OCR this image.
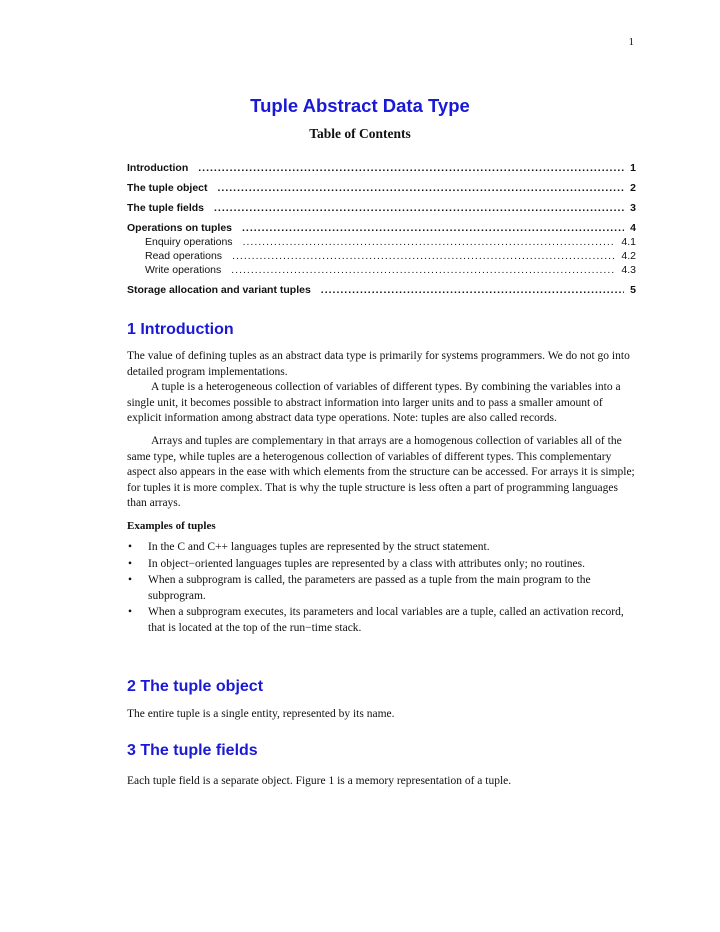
1
Tuple Abstract Data Type
Table of Contents
Introduction .....	1
The tuple object .....	2
The tuple fields .....	3
Operations on tuples .....	4
Enquiry operations .....	4.1
Read operations .....	4.2
Write operations .....	4.3
Storage allocation and variant tuples .....	5
1 Introduction

The value of defining tuples as an abstract data type is primarily for systems programmers. We do not go into detailed program implementations.

A tuple is a heterogeneous collection of variables of different types. By combining the variables into a single unit, it becomes possible to abstract information into larger units and to pass a smaller amount of explicit information among abstract data type operations. Note: tuples are also called records.

Arrays and tuples are complementary in that arrays are a homogenous collection of variables all of the same type, while tuples are a heterogenous collection of variables of different types. This complementary aspect also appears in the ease with which elements from the structure can be accessed. For arrays it is simple; for tuples it is more complex. That is why the tuple structure is less often a part of programming languages than arrays.

Examples of tuples
• In the C and C++ languages tuples are represented by the struct statement.
• In object−oriented languages tuples are represented by a class with attributes only; no routines.
• When a subprogram is called, the parameters are passed as a tuple from the main program to the subprogram.
• When a subprogram executes, its parameters and local variables are a tuple, called an activation record, that is located at the top of the run−time stack.
2 The tuple object

The entire tuple is a single entity, represented by its name.

3 The tuple fields

Each tuple field is a separate object. Figure 1 is a memory representation of a tuple.
